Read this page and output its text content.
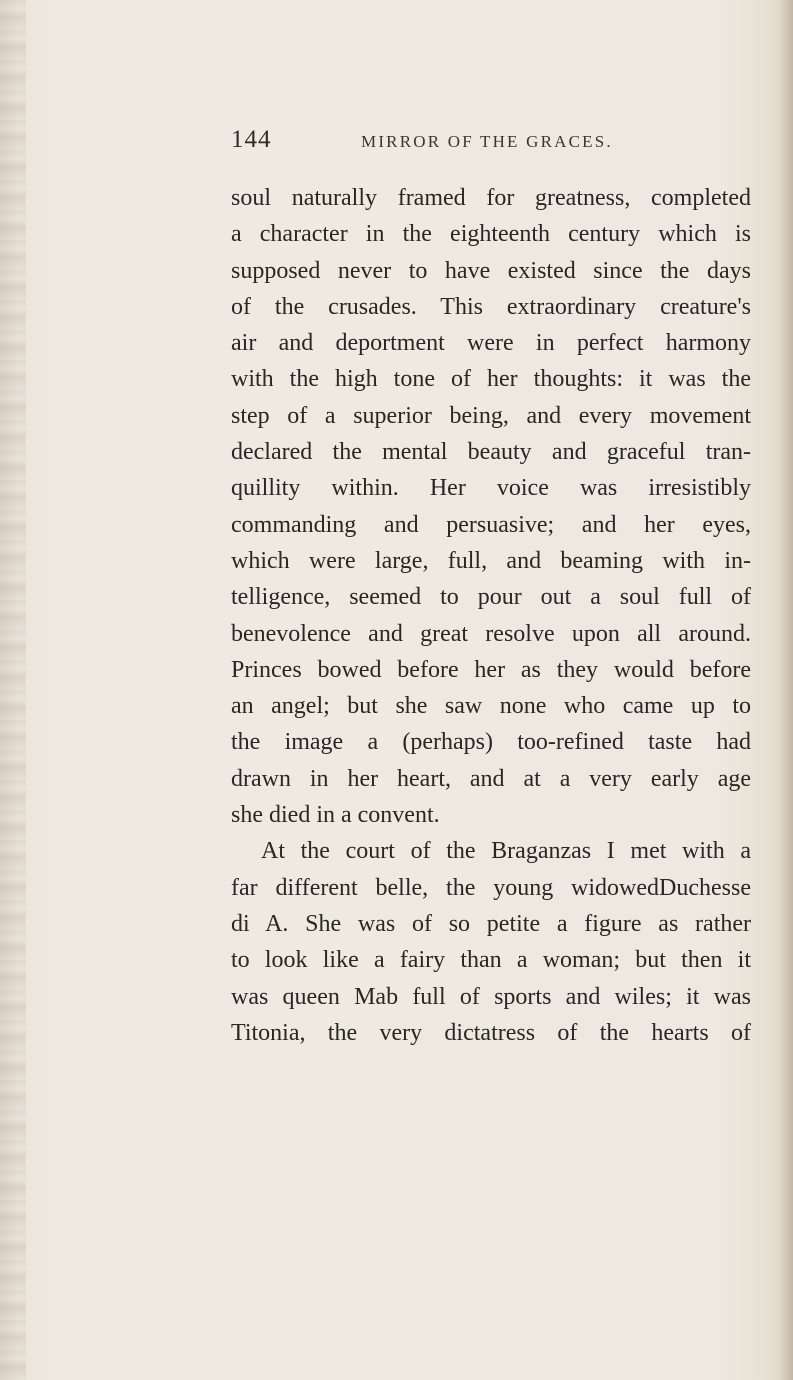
144	MIRROR OF THE GRACES.
soul naturally framed for greatness, completed
a character in the eighteenth century which is
supposed never to have existed since the days
of the crusades. This extraordinary creature's
air and deportment were in perfect harmony
with the high tone of her thoughts: it was the
step of a superior being, and every movement
declared the mental beauty and graceful tran-
quillity within. Her voice was irresistibly
commanding and persuasive; and her eyes,
which were large, full, and beaming with in-
telligence, seemed to pour out a soul full of
benevolence and great resolve upon all around.
Princes bowed before her as they would before
an angel; but she saw none who came up to
the image a (perhaps) too-refined taste had
drawn in her heart, and at a very early age
she died in a convent.
At the court of the Braganzas I met with a
far different belle, the young widowedDuchesse
di A. She was of so petite a figure as rather
to look like a fairy than a woman; but then it
was queen Mab full of sports and wiles; it was
Titonia, the very dictatress of the hearts of
